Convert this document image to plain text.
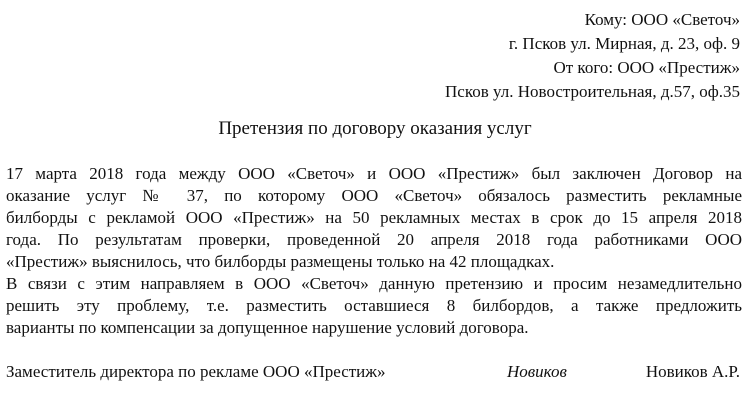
Кому: ООО «Светоч»
г. Псков ул. Мирная, д. 23, оф. 9
От кого: ООО «Престиж»
Псков ул. Новостроительная, д.57, оф.35
Претензия по договору оказания услуг
17 марта 2018 года между ООО «Светоч» и ООО «Престиж» был заключен Договор на
оказание услуг № 37, по которому ООО «Светоч» обязалось разместить рекламные
билборды с рекламой ООО «Престиж» на 50 рекламных местах в срок до 15 апреля 2018
года. По результатам проверки, проведенной 20 апреля 2018 года работниками ООО
«Престиж» выяснилось, что билборды размещены только на 42 площадках.
В связи с этим направляем в ООО «Светоч» данную претензию и просим незамедлительно
решить эту проблему, т.е. разместить оставшиеся 8 билбордов, а также предложить
варианты по компенсации за допущенное нарушение условий договора.
Заместитель директора по рекламе ООО «Престиж»	Новиков	Новиков А.Р.
